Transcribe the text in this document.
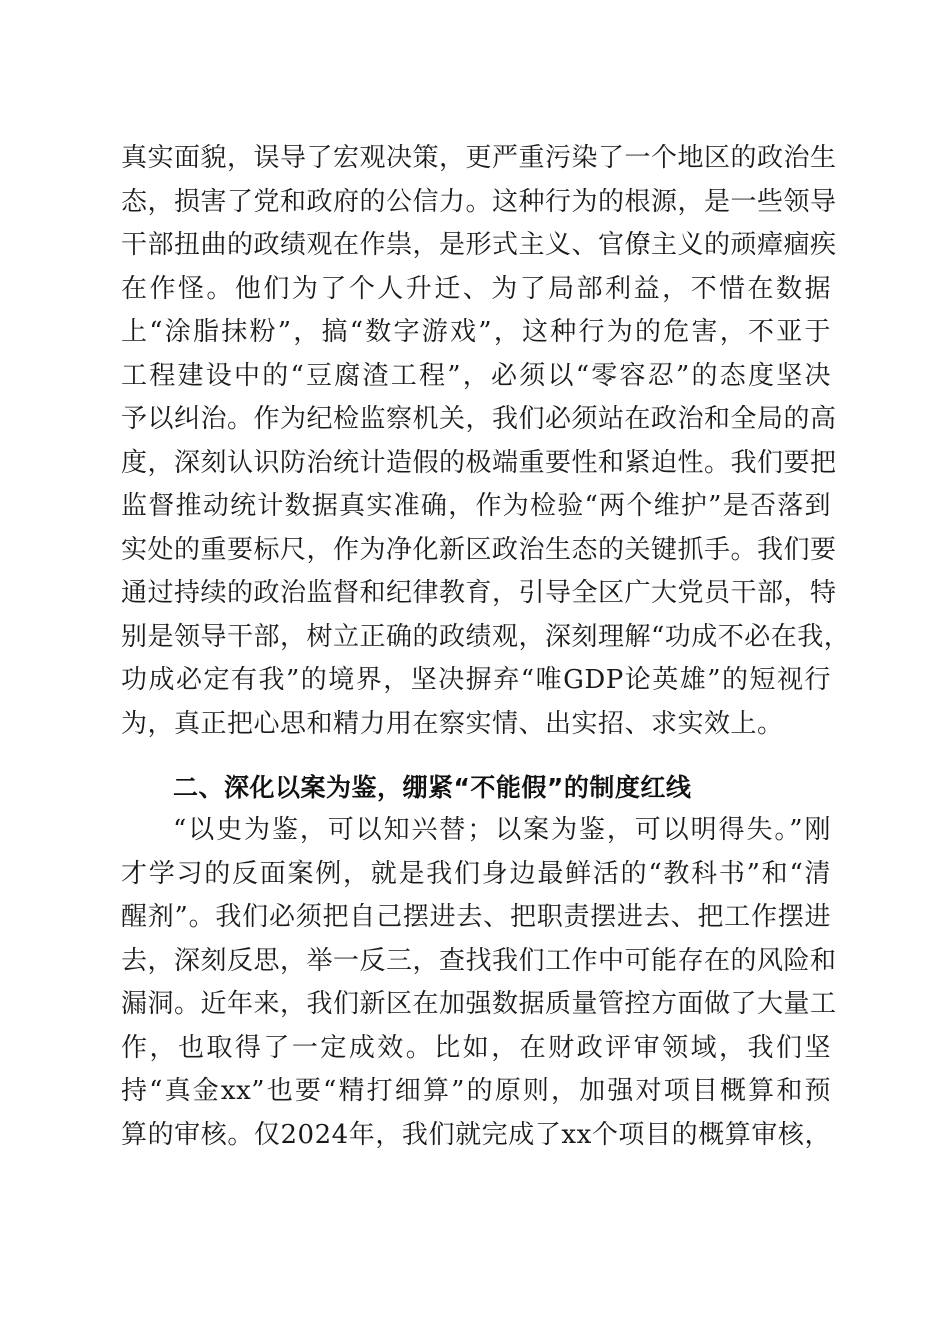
真实面貌，误导了宏观决策，更严重污染了一个地区的政治生
态，损害了党和政府的公信力。这种行为的根源，是一些领导
干部扭曲的政绩观在作祟，是形式主义、官僚主义的顽瘴痼疾
在作怪。他们为了个人升迁、为了局部利益，不惜在数据
上“涂脂抹粉”，搞“数字游戏”，这种行为的危害，不亚于
工程建设中的“豆腐渣工程”，必须以“零容忍”的态度坚决
予以纠治。作为纪检监察机关，我们必须站在政治和全局的高
度，深刻认识防治统计造假的极端重要性和紧迫性。我们要把
监督推动统计数据真实准确，作为检验“两个维护”是否落到
实处的重要标尺，作为净化新区政治生态的关键抓手。我们要
通过持续的政治监督和纪律教育，引导全区广大党员干部，特
别是领导干部，树立正确的政绩观，深刻理解“功成不必在我，
功成必定有我”的境界，坚决摒弃“唯GDP论英雄”的短视行
为，真正把心思和精力用在察实情、出实招、求实效上。
二、深化以案为鉴，绷紧“不能假”的制度红线
“以史为鉴，可以知兴替；以案为鉴，可以明得失。”刚
才学习的反面案例，就是我们身边最鲜活的“教科书”和“清
醒剂”。我们必须把自己摆进去、把职责摆进去、把工作摆进
去，深刻反思，举一反三，查找我们工作中可能存在的风险和
漏洞。近年来，我们新区在加强数据质量管控方面做了大量工
作，也取得了一定成效。比如，在财政评审领域，我们坚
持“真金xx”也要“精打细算”的原则，加强对项目概算和预
算的审核。仅2024年，我们就完成了xx个项目的概算审核，
